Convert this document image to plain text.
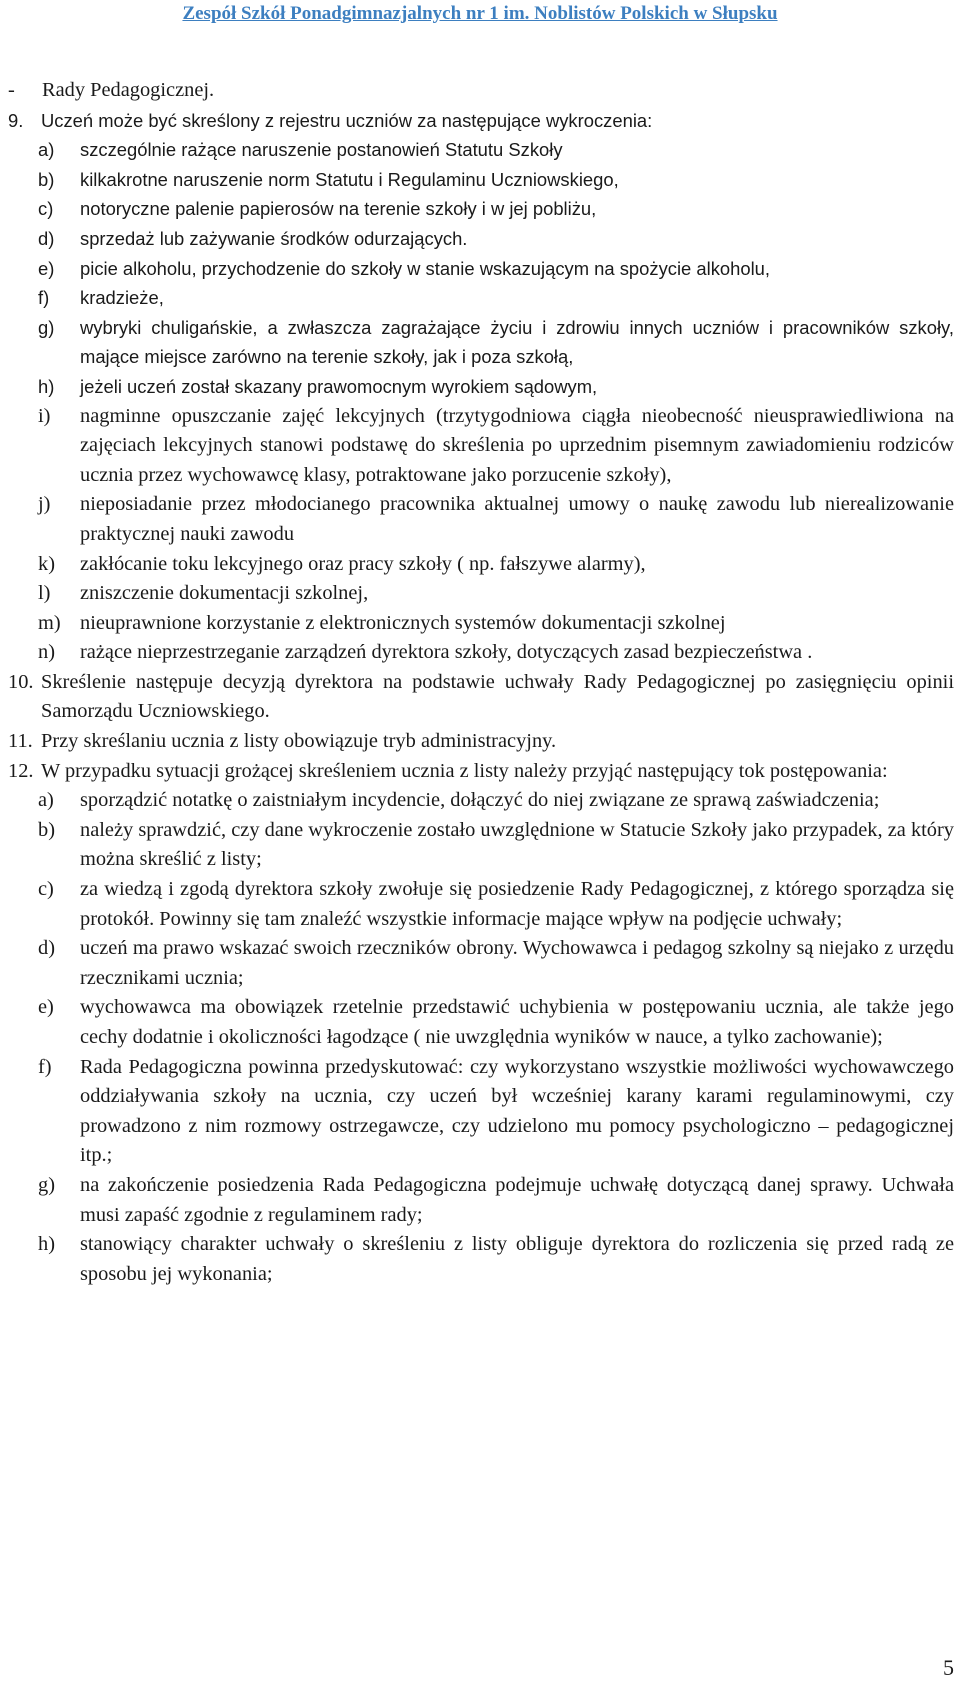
Zespół Szkół Ponadgimnazjalnych nr 1 im. Noblistów Polskich w Słupsku
- Rady Pedagogicznej.
9. Uczeń może być skreślony z rejestru uczniów za następujące wykroczenia:
a) szczególnie rażące naruszenie postanowień Statutu Szkoły
b) kilkakrotne naruszenie norm Statutu i Regulaminu Uczniowskiego,
c) notoryczne palenie papierosów na terenie szkoły i w jej pobliżu,
d) sprzedaż lub zażywanie środków odurzających.
e) picie alkoholu, przychodzenie do szkoły w stanie wskazującym na spożycie alkoholu,
f) kradzieże,
g) wybryki chuligańskie, a zwłaszcza zagrażające życiu i zdrowiu innych uczniów i pracowników szkoły, mające miejsce zarówno na terenie szkoły, jak i poza szkołą,
h) jeżeli uczeń został skazany prawomocnym wyrokiem sądowym,
i) nagminne opuszczanie zajęć lekcyjnych (trzytygodniowa ciągła nieobecność nieusprawiedliwiona na zajęciach lekcyjnych stanowi podstawę do skreślenia po uprzednim pisemnym zawiadomieniu rodziców ucznia przez wychowawcę klasy, potraktowane jako porzucenie szkoły),
j) nieposiadanie przez młodocianego pracownika aktualnej umowy o naukę zawodu lub nierealizowanie praktycznej nauki zawodu
k) zakłócanie toku lekcyjnego oraz pracy szkoły ( np. fałszywe alarmy),
l) zniszczenie dokumentacji szkolnej,
m) nieuprawnione korzystanie z elektronicznych systemów dokumentacji szkolnej
n) rażące nieprzestrzeganie zarządzeń dyrektora szkoły, dotyczących zasad bezpieczeństwa .
10. Skreślenie następuje decyzją dyrektora na podstawie uchwały Rady Pedagogicznej po zasięgnięciu opinii Samorządu Uczniowskiego.
11. Przy skreślaniu ucznia z listy obowiązuje tryb administracyjny.
12. W przypadku sytuacji grożącej skreśleniem ucznia z listy należy przyjąć następujący tok postępowania:
a) sporządzić notatkę o zaistniałym incydencie, dołączyć do niej związane ze sprawą zaświadczenia;
b) należy sprawdzić, czy dane wykroczenie zostało uwzględnione w Statucie Szkoły jako przypadek, za który można skreślić z listy;
c) za wiedzą i zgodą dyrektora szkoły zwołuje się posiedzenie Rady Pedagogicznej, z którego sporządza się protokół. Powinny się tam znaleźć wszystkie informacje mające wpływ na podjęcie uchwały;
d) uczeń ma prawo wskazać swoich rzeczników obrony. Wychowawca i pedagog szkolny są niejako z urzędu rzecznikami ucznia;
e) wychowawca ma obowiązek rzetelnie przedstawić uchybienia w postępowaniu ucznia, ale także jego cechy dodatnie i okoliczności łagodzące ( nie uwzględnia wyników w nauce, a tylko zachowanie);
f) Rada Pedagogiczna powinna przedyskutować: czy wykorzystano wszystkie możliwości wychowawczego oddziaływania szkoły na ucznia, czy uczeń był wcześniej karany karami regulaminowymi, czy prowadzono z nim rozmowy ostrzegawcze, czy udzielono mu pomocy psychologiczno – pedagogicznej itp.;
g) na zakończenie posiedzenia Rada Pedagogiczna podejmuje uchwałę dotyczącą danej sprawy. Uchwała musi zapaść zgodnie z regulaminem rady;
h) stanowiący charakter uchwały o skreśleniu z listy obliguje dyrektora do rozliczenia się przed radą ze sposobu jej wykonania;
5
